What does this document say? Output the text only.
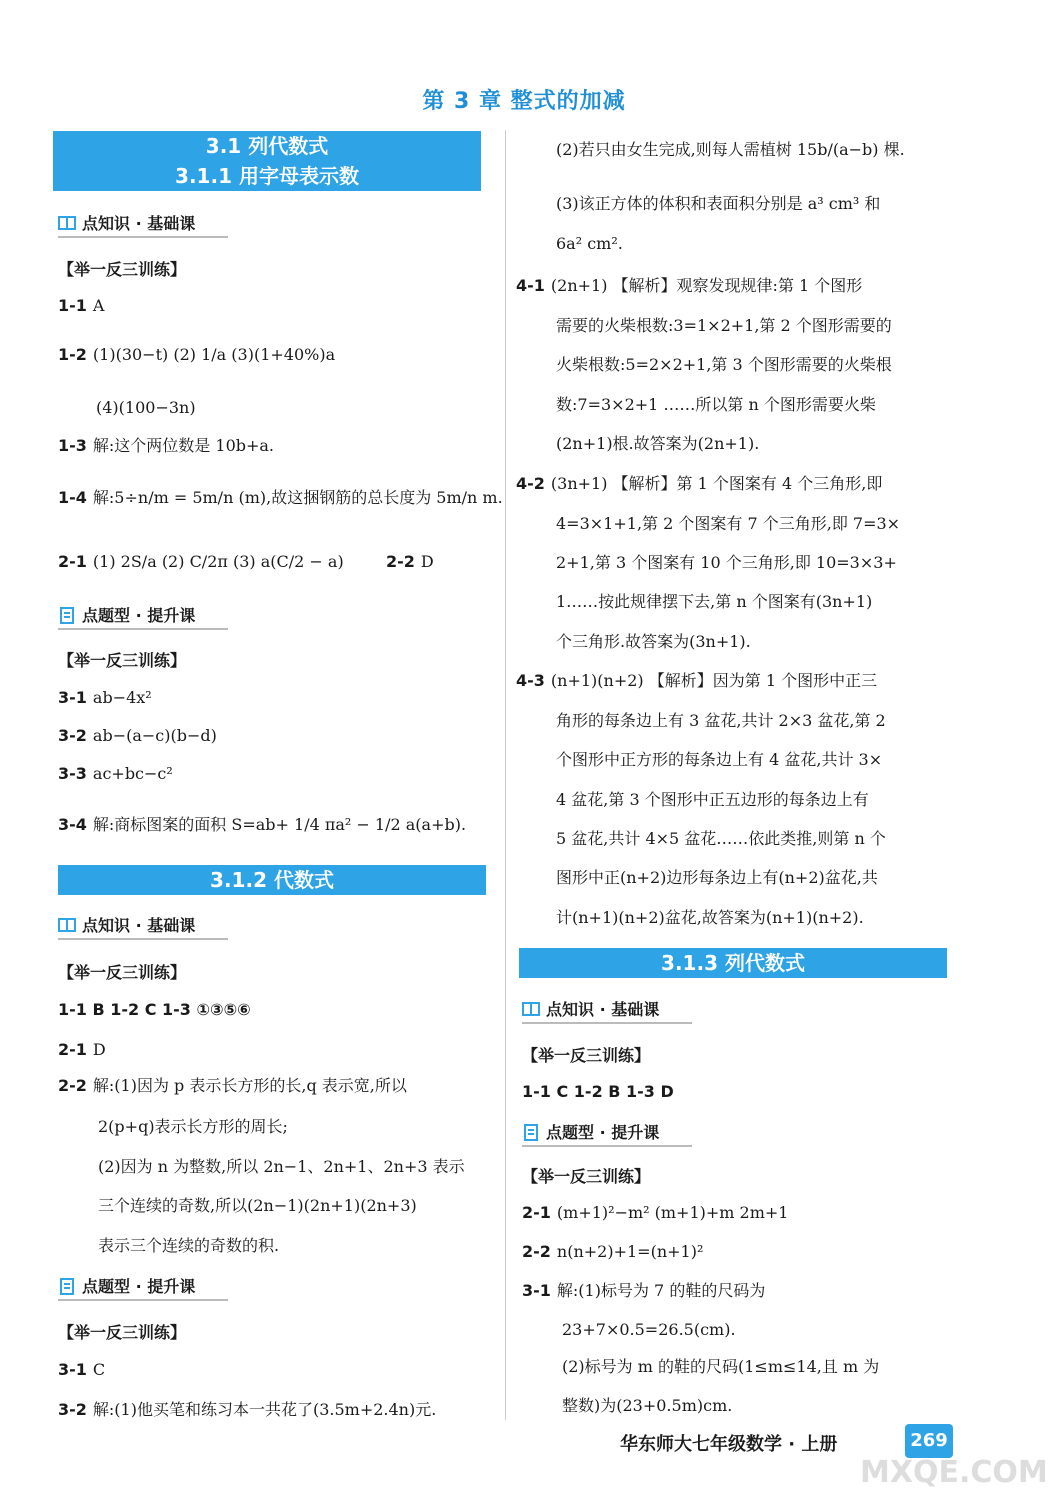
第 3 章 整式的加减
3.1 列代数式
3.1.1 用字母表示数
点知识 · 基础课
【举一反三训练】
1-1 A
1-2 (1)(30−t) (2) 1/a (3)(1+40%)a
(4)(100−3n)
1-3 解:这个两位数是 10b+a.
1-4 解:5÷n/m = 5m/n (m),故这捆钢筋的总长度为 5m/n m.
2-1 (1) 2S/a (2) C/2π (3) a(C/2 − a)	2-2 D
点题型 · 提升课
【举一反三训练】
3-1 ab−4x²
3-2 ab−(a−c)(b−d)
3-3 ac+bc−c²
3-4 解:商标图案的面积 S=ab+ 1/4 πa² − 1/2 a(a+b).
3.1.2 代数式
点知识 · 基础课
【举一反三训练】
1-1 B 1-2 C 1-3 ①③⑤⑥
2-1 D
2-2 解:(1)因为 p 表示长方形的长,q 表示宽,所以
2(p+q)表示长方形的周长;
(2)因为 n 为整数,所以 2n−1、2n+1、2n+3 表示
三个连续的奇数,所以(2n−1)(2n+1)(2n+3)
表示三个连续的奇数的积.
点题型 · 提升课
【举一反三训练】
3-1 C
3-2 解:(1)他买笔和练习本一共花了(3.5m+2.4n)元.
(2)若只由女生完成,则每人需植树 15b/(a−b) 棵.
(3)该正方体的体积和表面积分别是 a³ cm³ 和
6a² cm².
4-1 (2n+1) 【解析】观察发现规律:第 1 个图形
需要的火柴根数:3=1×2+1,第 2 个图形需要的
火柴根数:5=2×2+1,第 3 个图形需要的火柴根
数:7=3×2+1 ……所以第 n 个图形需要火柴
(2n+1)根.故答案为(2n+1).
4-2 (3n+1) 【解析】第 1 个图案有 4 个三角形,即
4=3×1+1,第 2 个图案有 7 个三角形,即 7=3×
2+1,第 3 个图案有 10 个三角形,即 10=3×3+
1……按此规律摆下去,第 n 个图案有(3n+1)
个三角形.故答案为(3n+1).
4-3 (n+1)(n+2) 【解析】因为第 1 个图形中正三
角形的每条边上有 3 盆花,共计 2×3 盆花,第 2
个图形中正方形的每条边上有 4 盆花,共计 3×
4 盆花,第 3 个图形中正五边形的每条边上有
5 盆花,共计 4×5 盆花……依此类推,则第 n 个
图形中正(n+2)边形每条边上有(n+2)盆花,共
计(n+1)(n+2)盆花,故答案为(n+1)(n+2).
3.1.3 列代数式
点知识 · 基础课
【举一反三训练】
1-1 C 1-2 B 1-3 D
点题型 · 提升课
【举一反三训练】
2-1 (m+1)²−m² (m+1)+m 2m+1
2-2 n(n+2)+1=(n+1)²
3-1 解:(1)标号为 7 的鞋的尺码为
23+7×0.5=26.5(cm).
(2)标号为 m 的鞋的尺码(1≤m≤14,且 m 为
整数)为(23+0.5m)cm.
华东师大七年级数学 · 上册	269
MXQE.COM
